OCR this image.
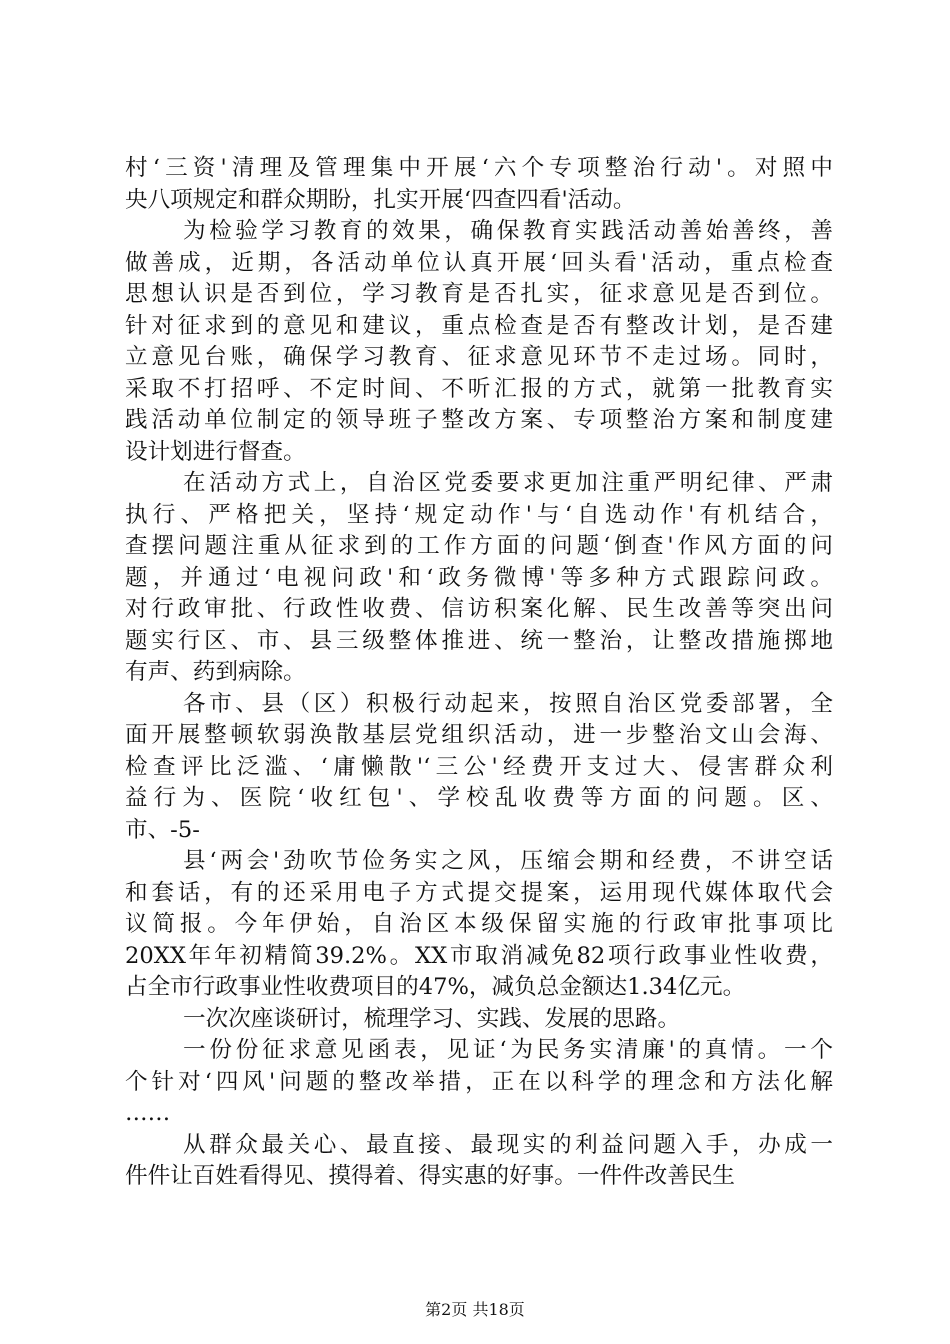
村‘三资'清理及管理集中开展‘六个专项整治行动'。对照中
央八项规定和群众期盼，扎实开展‘四查四看'活动。
为检验学习教育的效果，确保教育实践活动善始善终，善
做善成，近期，各活动单位认真开展‘回头看'活动，重点检查
思想认识是否到位，学习教育是否扎实，征求意见是否到位。
针对征求到的意见和建议，重点检查是否有整改计划，是否建
立意见台账，确保学习教育、征求意见环节不走过场。同时，
采取不打招呼、不定时间、不听汇报的方式，就第一批教育实
践活动单位制定的领导班子整改方案、专项整治方案和制度建
设计划进行督查。
在活动方式上，自治区党委要求更加注重严明纪律、严肃
执行、严格把关，坚持‘规定动作'与‘自选动作'有机结合，
查摆问题注重从征求到的工作方面的问题‘倒查'作风方面的问
题，并通过‘电视问政'和‘政务微博'等多种方式跟踪问政。
对行政审批、行政性收费、信访积案化解、民生改善等突出问
题实行区、市、县三级整体推进、统一整治，让整改措施掷地
有声、药到病除。
各市、县（区）积极行动起来，按照自治区党委部署，全
面开展整顿软弱涣散基层党组织活动，进一步整治文山会海、
检查评比泛滥、‘庸懒散'‘三公'经费开支过大、侵害群众利
益行为、医院‘收红包'、学校乱收费等方面的问题。区、
市、-5-
县‘两会'劲吹节俭务实之风，压缩会期和经费，不讲空话
和套话，有的还采用电子方式提交提案，运用现代媒体取代会
议简报。今年伊始，自治区本级保留实施的行政审批事项比
20XX年年初精简39.2%。XX市取消减免82项行政事业性收费，
占全市行政事业性收费项目的47%，减负总金额达1.34亿元。
一次次座谈研讨，梳理学习、实践、发展的思路。
一份份征求意见函表，见证‘为民务实清廉'的真情。一个
个针对‘四风'问题的整改举措，正在以科学的理念和方法化解
……
从群众最关心、最直接、最现实的利益问题入手，办成一
件件让百姓看得见、摸得着、得实惠的好事。一件件改善民生
第2页 共18页
